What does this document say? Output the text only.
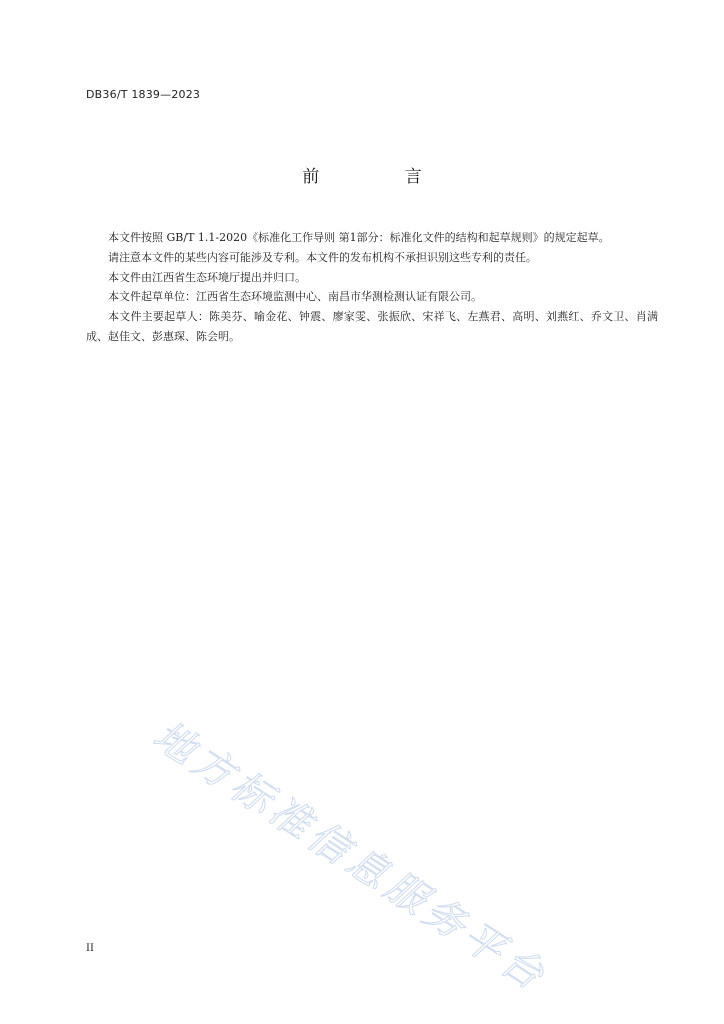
DB36/T 1839—2023
前 言

本文件按照 GB/T 1.1-2020《标准化工作导则 第1部分：标准化文件的结构和起草规则》的规定起草。

请注意本文件的某些内容可能涉及专利。本文件的发布机构不承担识别这些专利的责任。

本文件由江西省生态环境厅提出并归口。

本文件起草单位：江西省生态环境监测中心、南昌市华测检测认证有限公司。

本文件主要起草人：陈美芬、喻金花、钟震、廖家雯、张振欣、宋祥飞、左燕君、高明、刘燕红、乔文卫、肖满成、赵佳文、彭惠琛、陈会明。

地方标准信息服务平台
II
